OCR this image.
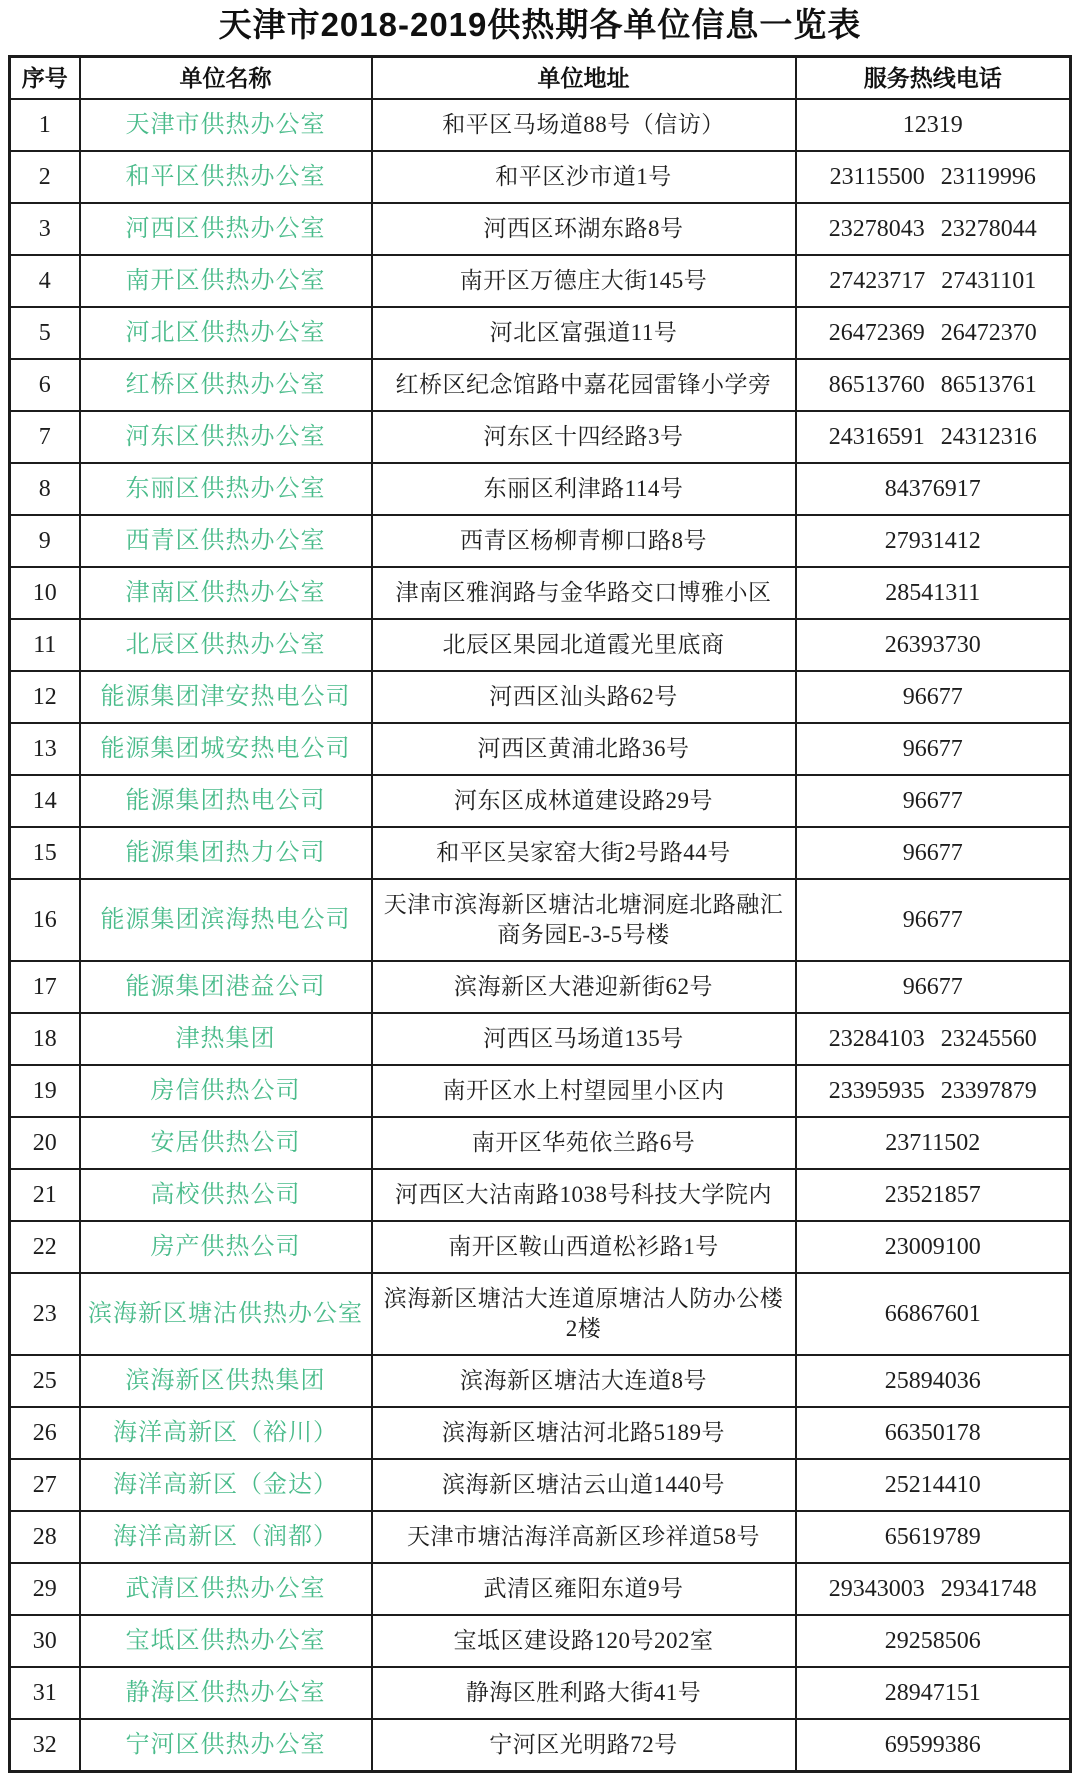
天津市2018-2019供热期各单位信息一览表
序号	单位名称	单位地址	服务热线电话
1	天津市供热办公室	和平区马场道88号（信访）	12319
2	和平区供热办公室	和平区沙市道1号	23115500 23119996
3	河西区供热办公室	河西区环湖东路8号	23278043 23278044
4	南开区供热办公室	南开区万德庄大街145号	27423717 27431101
5	河北区供热办公室	河北区富强道11号	26472369 26472370
6	红桥区供热办公室	红桥区纪念馆路中嘉花园雷锋小学旁	86513760 86513761
7	河东区供热办公室	河东区十四经路3号	24316591 24312316
8	东丽区供热办公室	东丽区利津路114号	84376917
9	西青区供热办公室	西青区杨柳青柳口路8号	27931412
10	津南区供热办公室	津南区雅润路与金华路交口博雅小区	28541311
11	北辰区供热办公室	北辰区果园北道霞光里底商	26393730
12	能源集团津安热电公司	河西区汕头路62号	96677
13	能源集团城安热电公司	河西区黄浦北路36号	96677
14	能源集团热电公司	河东区成林道建设路29号	96677
15	能源集团热力公司	和平区吴家窑大街2号路44号	96677
16	能源集团滨海热电公司	天津市滨海新区塘沽北塘洞庭北路融汇商务园E-3-5号楼	96677
17	能源集团港益公司	滨海新区大港迎新街62号	96677
18	津热集团	河西区马场道135号	23284103 23245560
19	房信供热公司	南开区水上村望园里小区内	23395935 23397879
20	安居供热公司	南开区华苑依兰路6号	23711502
21	高校供热公司	河西区大沽南路1038号科技大学院内	23521857
22	房产供热公司	南开区鞍山西道松衫路1号	23009100
23	滨海新区塘沽供热办公室	滨海新区塘沽大连道原塘沽人防办公楼2楼	66867601
25	滨海新区供热集团	滨海新区塘沽大连道8号	25894036
26	海洋高新区（裕川）	滨海新区塘沽河北路5189号	66350178
27	海洋高新区（金达）	滨海新区塘沽云山道1440号	25214410
28	海洋高新区（润都）	天津市塘沽海洋高新区珍祥道58号	65619789
29	武清区供热办公室	武清区雍阳东道9号	29343003 29341748
30	宝坻区供热办公室	宝坻区建设路120号202室	29258506
31	静海区供热办公室	静海区胜利路大街41号	28947151
32	宁河区供热办公室	宁河区光明路72号	69599386
